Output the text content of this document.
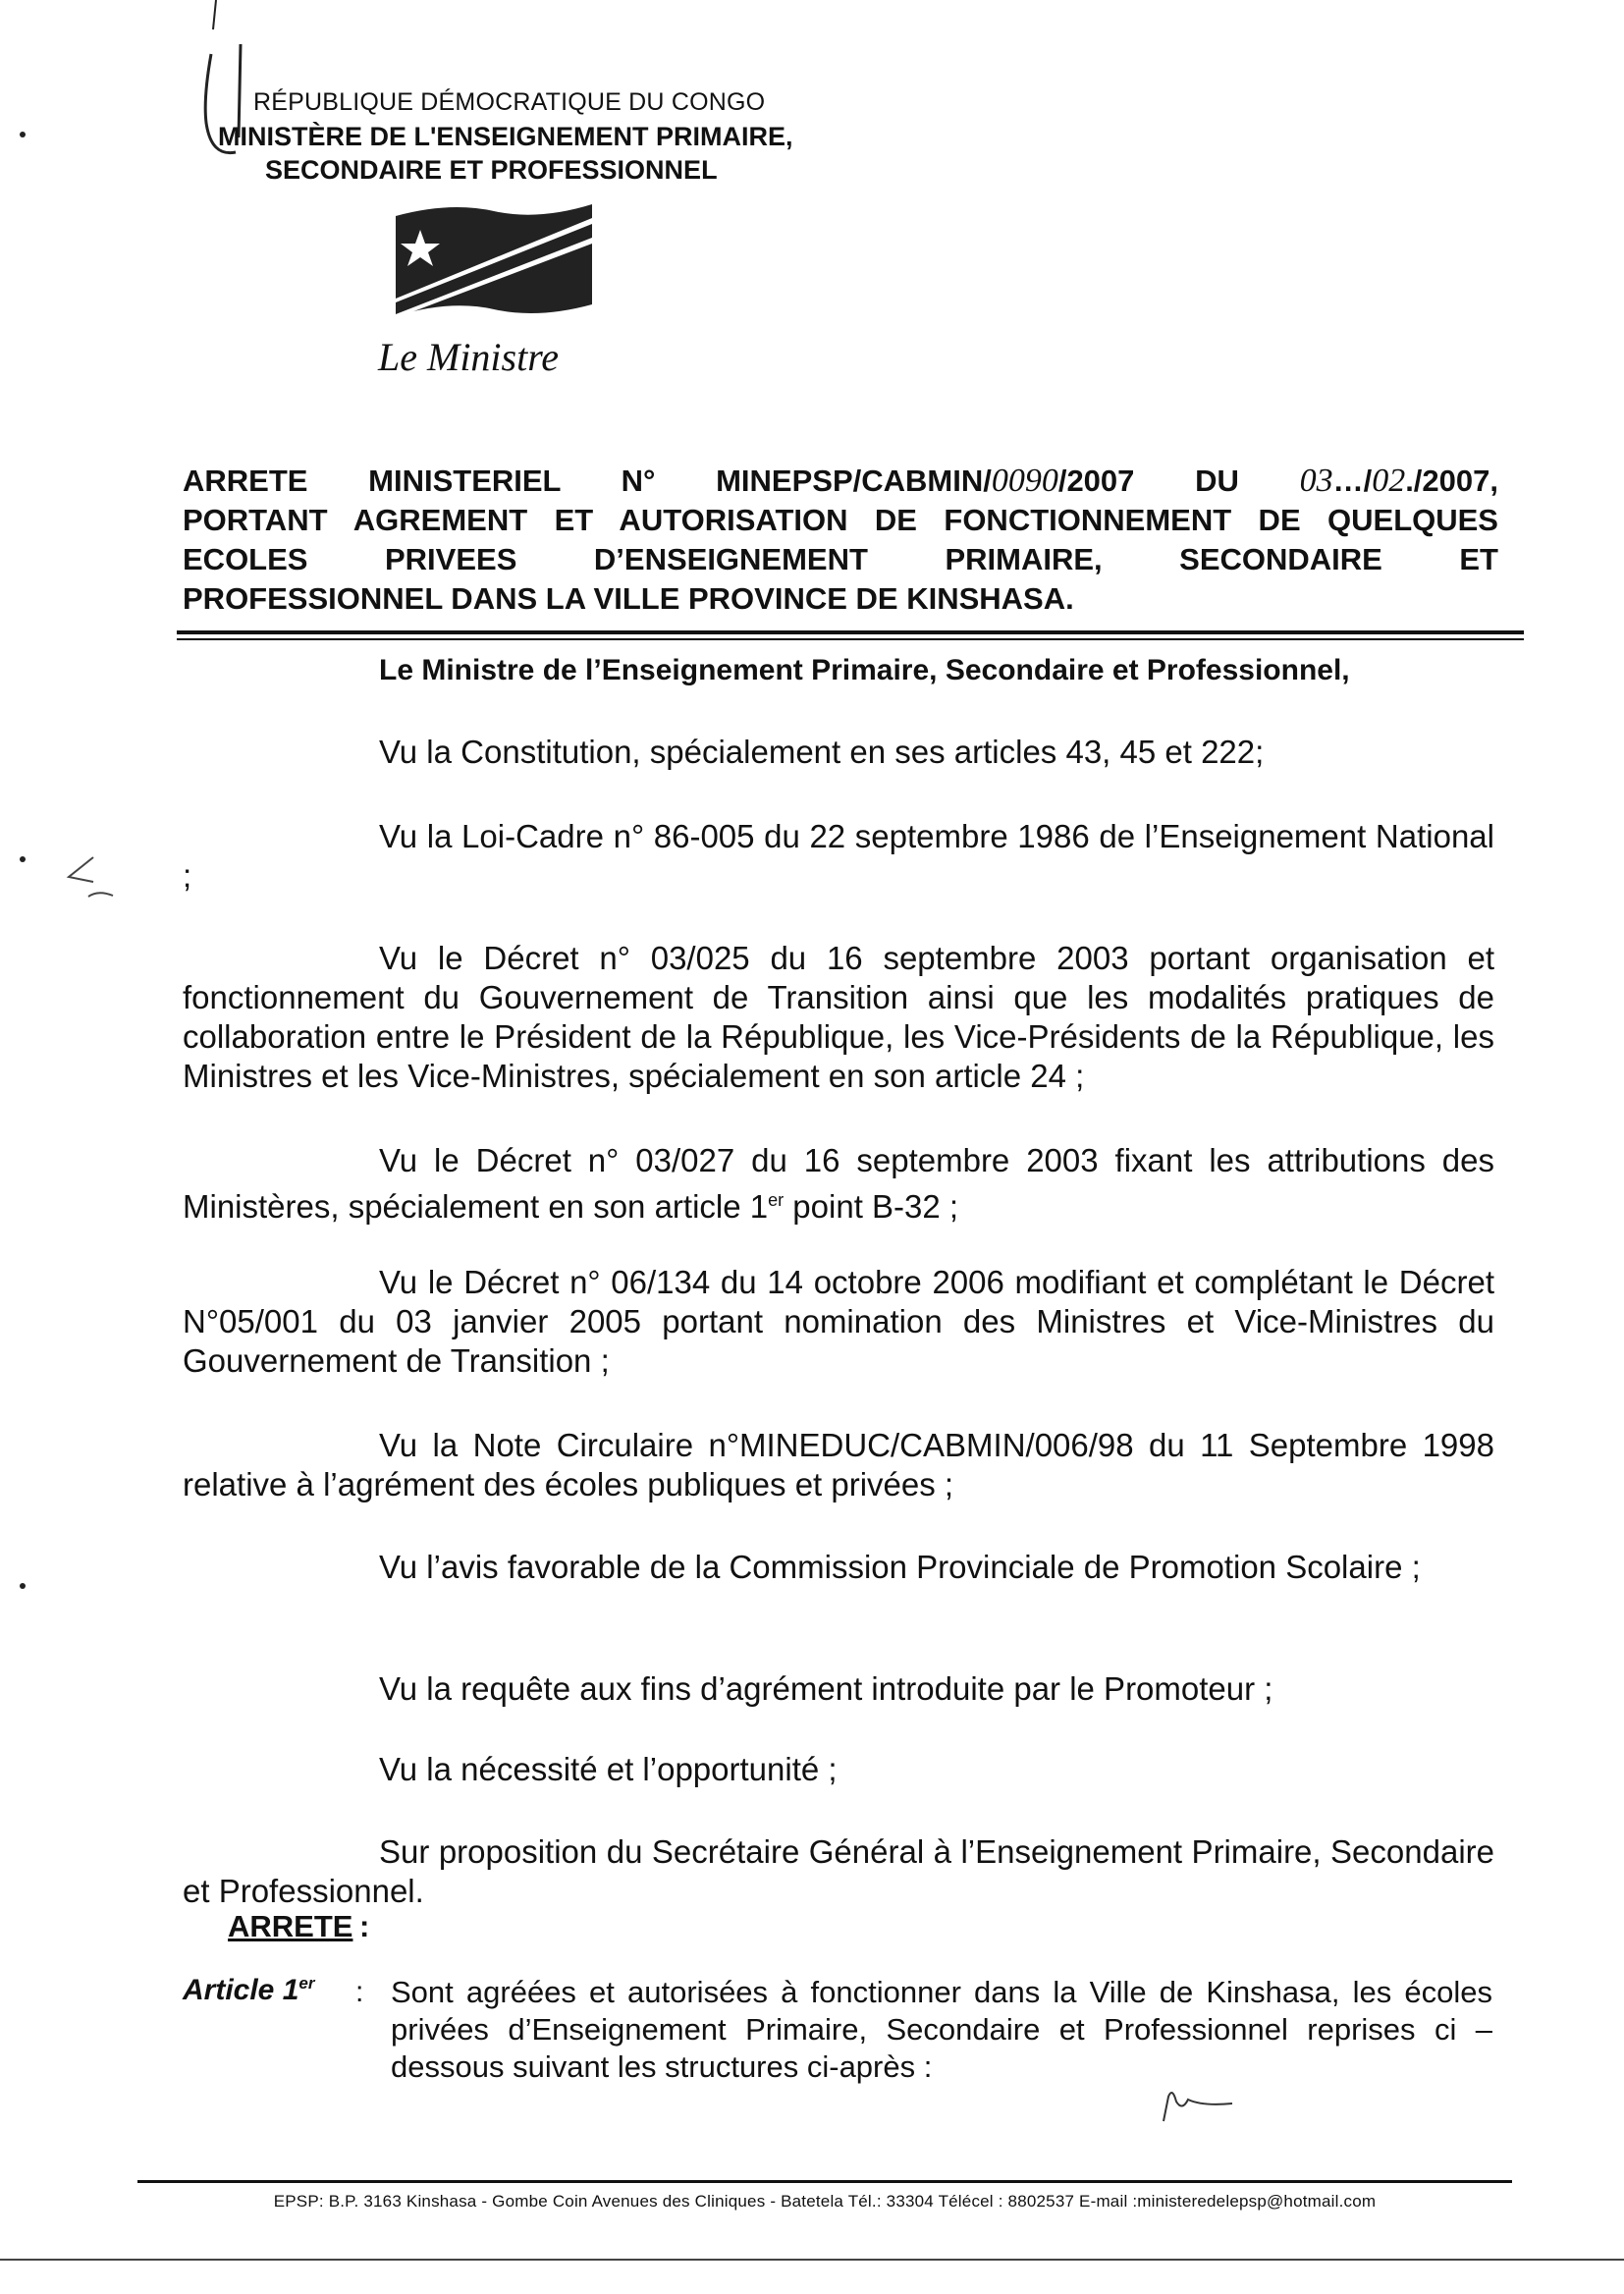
RÉPUBLIQUE DÉMOCRATIQUE DU CONGO
MINISTÈRE DE L'ENSEIGNEMENT PRIMAIRE,
SECONDAIRE ET PROFESSIONNEL
Le Ministre
ARRETE MINISTERIEL N° MINEPSP/CABMIN/0090/2007 DU 03…/02./2007,
PORTANT AGREMENT ET AUTORISATION DE FONCTIONNEMENT DE QUELQUES
ECOLES PRIVEES D’ENSEIGNEMENT PRIMAIRE, SECONDAIRE ET
PROFESSIONNEL DANS LA VILLE PROVINCE DE KINSHASA.
Le Ministre de l’Enseignement Primaire, Secondaire et Professionnel,
Vu la Constitution, spécialement en ses articles 43, 45 et 222;
Vu la Loi-Cadre n° 86-005 du 22 septembre 1986 de l’Enseignement National ;
Vu le Décret n° 03/025 du 16 septembre 2003 portant organisation et fonctionnement du Gouvernement de Transition ainsi que les modalités pratiques de collaboration entre le Président de la République, les Vice-Présidents de la République, les Ministres et les Vice-Ministres, spécialement en son article 24 ;
Vu le Décret n° 03/027 du 16 septembre 2003 fixant les attributions des Ministères, spécialement en son article 1er point B-32 ;
Vu le Décret n° 06/134 du 14 octobre 2006 modifiant et complétant le Décret N°05/001 du 03 janvier 2005 portant nomination des Ministres et Vice-Ministres du Gouvernement de Transition ;
Vu la Note Circulaire n°MINEDUC/CABMIN/006/98 du 11 Septembre 1998 relative à l’agrément des écoles publiques et privées ;
Vu l’avis favorable de la Commission Provinciale de Promotion Scolaire ;
Vu la requête aux fins d’agrément introduite par le Promoteur ;
Vu la nécessité et l’opportunité ;
Sur proposition du Secrétaire Général à l’Enseignement Primaire, Secondaire et Professionnel.
ARRETE :
Article 1er : Sont agréées et autorisées à fonctionner dans la Ville de Kinshasa, les écoles privées d’Enseignement Primaire, Secondaire et Professionnel reprises ci – dessous suivant les structures ci-après :
EPSP: B.P. 3163 Kinshasa - Gombe Coin Avenues des Cliniques - Batetela Tél.: 33304 Télécel : 8802537 E-mail :ministeredelepsp@hotmail.com
